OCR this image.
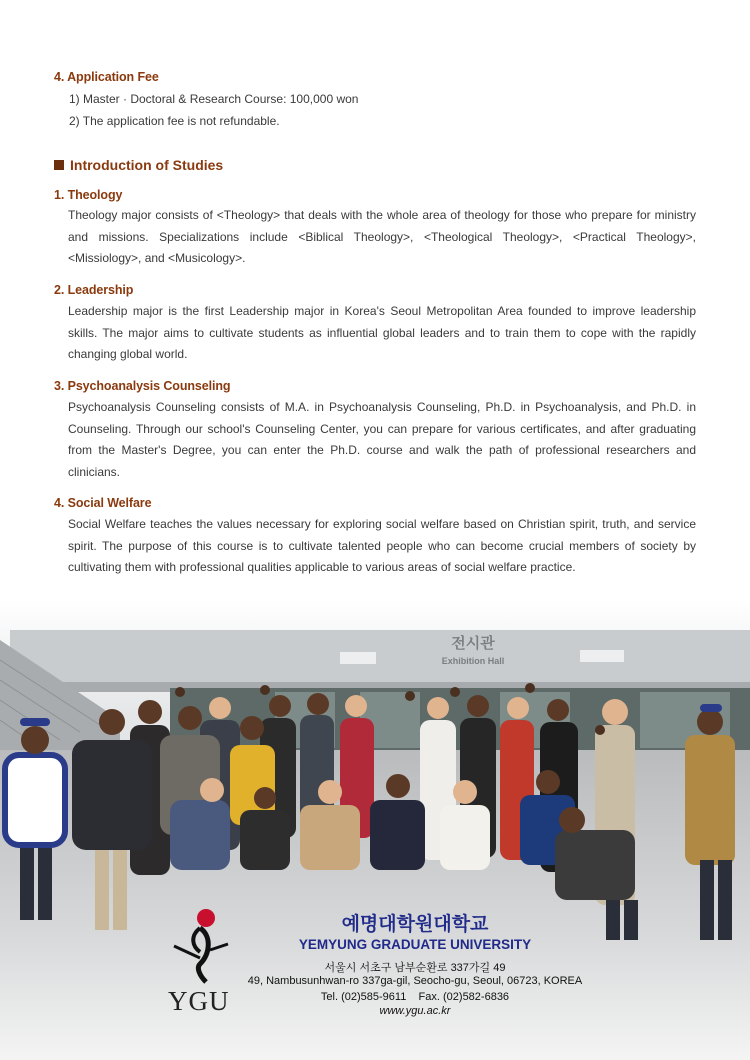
4. Application Fee
1) Master · Doctoral & Research Course: 100,000 won
2) The application fee is not refundable.
Introduction of Studies
1. Theology
Theology major consists of <Theology> that deals with the whole area of theology for those who prepare for ministry and missions. Specializations include <Biblical Theology>, <Theological Theology>, <Practical Theology>, <Missiology>, and <Musicology>.
2. Leadership
Leadership major is the first Leadership major in Korea's Seoul Metropolitan Area founded to improve leadership skills. The major aims to cultivate students as influential global leaders and to train them to cope with the rapidly changing global world.
3. Psychoanalysis Counseling
Psychoanalysis Counseling consists of M.A. in Psychoanalysis Counseling, Ph.D. in Psychoanalysis, and Ph.D. in Counseling. Through our school's Counseling Center, you can prepare for various certificates, and after graduating from the Master's Degree, you can enter the Ph.D. course and walk the path of professional researchers and clinicians.
4. Social Welfare
Social Welfare teaches the values necessary for exploring social welfare based on Christian spirit, truth, and service spirit. The purpose of this course is to cultivate talented people who can become crucial members of society by cultivating them with professional qualities applicable to various areas of social welfare practice.
전시관
Exhibition Hall
YGU
예명대학원대학교
YEMYUNG GRADUATE UNIVERSITY
서울시 서초구 남부순환로 337가길 49
49, Nambusunhwan-ro 337ga-gil, Seocho-gu, Seoul, 06723, KOREA
Tel. (02)585-9611    Fax. (02)582-6836
www.ygu.ac.kr
